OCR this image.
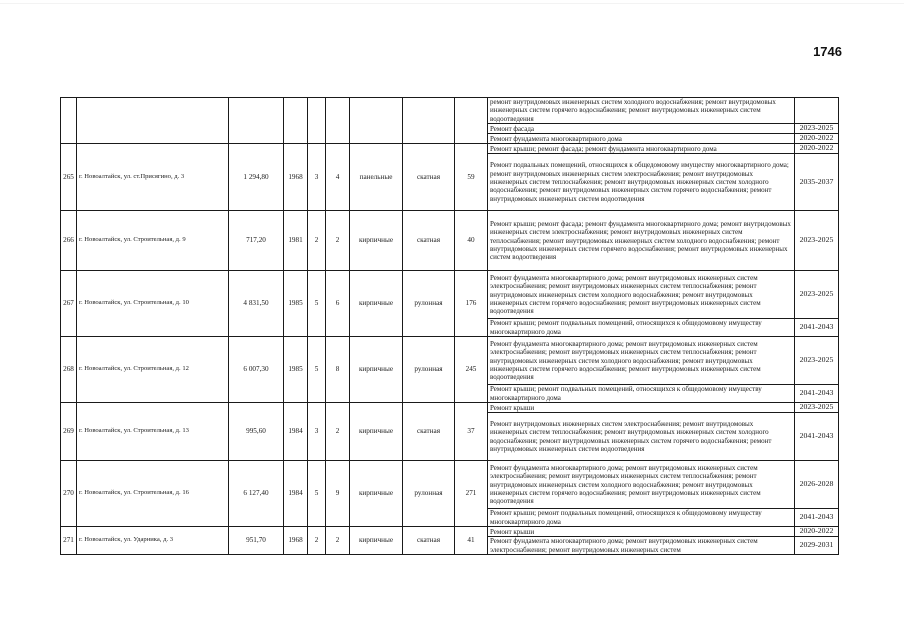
1746
									ремонт внутридомовых инженерных систем холодного водоснабжения; ремонт внутридомовых инженерных систем горячего водоснабжения; ремонт внутридомовых инженерных систем водоотведения	
									Ремонт фасада	2023-2025
									Ремонт фундамента многоквартирного дома	2020-2022
265	г. Новоалтайск, ул. ст.Присягино, д. 3	1 294,80	1968	3	4	панельные	скатная	59	Ремонт крыши; ремонт фасада; ремонт фундамента многоквартирного дома	2020-2022
									Ремонт подвальных помещений, относящихся к общедомовому имуществу многоквартирного дома; ремонт внутридомовых инженерных систем электроснабжения; ремонт внутридомовых инженерных систем теплоснабжения; ремонт внутридомовых инженерных систем холодного водоснабжения; ремонт внутридомовых инженерных систем горячего водоснабжения; ремонт внутридомовых инженерных систем водоотведения	2035-2037
266	г. Новоалтайск, ул. Строительная, д. 9	717,20	1981	2	2	кирпичные	скатная	40	Ремонт крыши; ремонт фасада; ремонт фундамента многоквартирного дома; ремонт внутридомовых инженерных систем электроснабжения; ремонт внутридомовых инженерных систем теплоснабжения; ремонт внутридомовых инженерных систем холодного водоснабжения; ремонт внутридомовых инженерных систем горячего водоснабжения; ремонт внутридомовых инженерных систем водоотведения	2023-2025
267	г. Новоалтайск, ул. Строительная, д. 10	4 831,50	1985	5	6	кирпичные	рулонная	176	Ремонт фундамента многоквартирного дома; ремонт внутридомовых инженерных систем электроснабжения; ремонт внутридомовых инженерных систем теплоснабжения; ремонт внутридомовых инженерных систем холодного водоснабжения; ремонт внутридомовых инженерных систем горячего водоснабжения; ремонт внутридомовых инженерных систем водоотведения	2023-2025
									Ремонт крыши; ремонт подвальных помещений, относящихся к общедомовому имуществу многоквартирного дома	2041-2043
268	г. Новоалтайск, ул. Строительная, д. 12	6 007,30	1985	5	8	кирпичные	рулонная	245	Ремонт фундамента многоквартирного дома; ремонт внутридомовых инженерных систем электроснабжения; ремонт внутридомовых инженерных систем теплоснабжения; ремонт внутридомовых инженерных систем холодного водоснабжения; ремонт внутридомовых инженерных систем горячего водоснабжения; ремонт внутридомовых инженерных систем водоотведения	2023-2025
									Ремонт крыши; ремонт подвальных помещений, относящихся к общедомовому имуществу многоквартирного дома	2041-2043
269	г. Новоалтайск, ул. Строительная, д. 13	995,60	1984	3	2	кирпичные	скатная	37	Ремонт крыши	2023-2025
									Ремонт внутридомовых инженерных систем электроснабжения; ремонт внутридомовых инженерных систем теплоснабжения; ремонт внутридомовых инженерных систем холодного водоснабжения; ремонт внутридомовых инженерных систем горячего водоснабжения; ремонт внутридомовых инженерных систем водоотведения	2041-2043
270	г. Новоалтайск, ул. Строительная, д. 16	6 127,40	1984	5	9	кирпичные	рулонная	271	Ремонт фундамента многоквартирного дома; ремонт внутридомовых инженерных систем электроснабжения; ремонт внутридомовых инженерных систем теплоснабжения; ремонт внутридомовых инженерных систем холодного водоснабжения; ремонт внутридомовых инженерных систем горячего водоснабжения; ремонт внутридомовых инженерных систем водоотведения	2026-2028
									Ремонт крыши; ремонт подвальных помещений, относящихся к общедомовому имуществу многоквартирного дома	2041-2043
271	г. Новоалтайск, ул. Ударника, д. 3	951,70	1968	2	2	кирпичные	скатная	41	Ремонт крыши	2020-2022
									Ремонт фундамента многоквартирного дома; ремонт внутридомовых инженерных систем электроснабжения; ремонт внутридомовых инженерных систем	2029-2031
